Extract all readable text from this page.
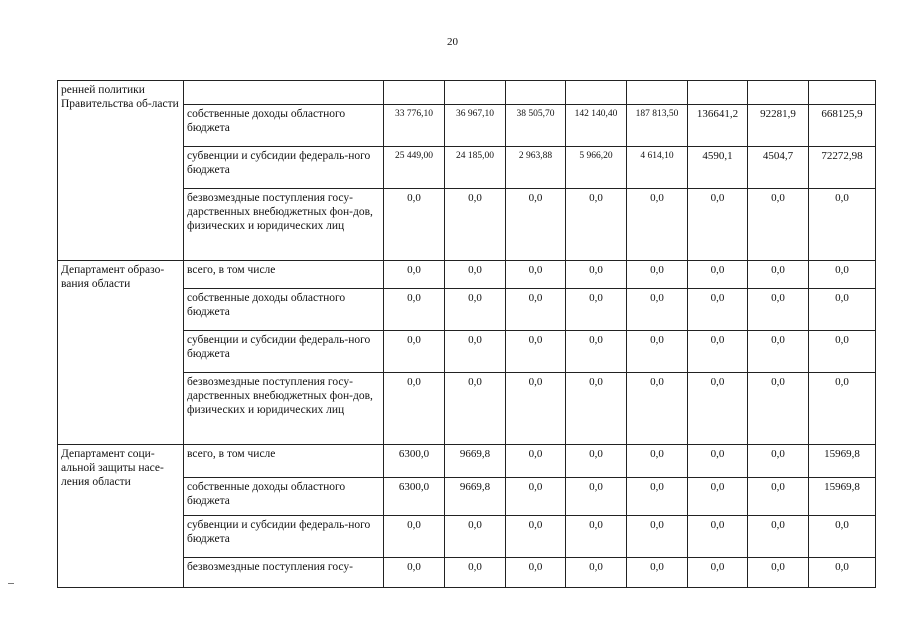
20
ренней политики Правительства об-ласти									
	собственные доходы областного бюджета	33 776,10	36 967,10	38 505,70	142 140,40	187 813,50	136641,2	92281,9	668125,9
	субвенции и субсидии федераль-ного бюджета	25 449,00	24 185,00	2 963,88	5 966,20	4 614,10	4590,1	4504,7	72272,98
	безвозмездные поступления госу-дарственных внебюджетных фон-дов, физических и юридических лиц	0,0	0,0	0,0	0,0	0,0	0,0	0,0	0,0
Департамент образо-вания области	всего, в том числе	0,0	0,0	0,0	0,0	0,0	0,0	0,0	0,0
	собственные доходы областного бюджета	0,0	0,0	0,0	0,0	0,0	0,0	0,0	0,0
	субвенции и субсидии федераль-ного бюджета	0,0	0,0	0,0	0,0	0,0	0,0	0,0	0,0
	безвозмездные поступления госу-дарственных внебюджетных фон-дов, физических и юридических лиц	0,0	0,0	0,0	0,0	0,0	0,0	0,0	0,0
Департамент соци-альной защиты насе-ления области	всего, в том числе	6300,0	9669,8	0,0	0,0	0,0	0,0	0,0	15969,8
	собственные доходы областного бюджета	6300,0	9669,8	0,0	0,0	0,0	0,0	0,0	15969,8
	субвенции и субсидии федераль-ного бюджета	0,0	0,0	0,0	0,0	0,0	0,0	0,0	0,0
	безвозмездные поступления госу-	0,0	0,0	0,0	0,0	0,0	0,0	0,0	0,0
